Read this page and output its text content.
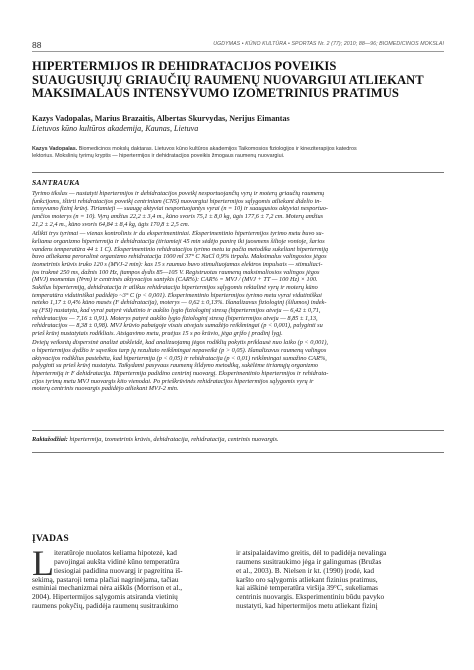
88	UGDYMAS • KŪNO KULTŪRA • SPORTAS Nr. 2 (77); 2010; 88—96; BIOMEDICINOS MOKSLAI
HIPERTERMIJOS IR DEHIDRATACIJOS POVEIKIS
SUAUGUSIŲJŲ GRIAUČIŲ RAUMENŲ NUOVARGIUI ATLIEKANT
MAKSIMALAUS INTENSYVUMO IZOMETRINIUS PRATIMUS
Kazys Vadopalas, Marius Brazaitis, Albertas Skurvydas, Nerijus Eimantas
Lietuvos kūno kultūros akademija, Kaunas, Lietuva
Kazys Vadopalas. Biomedicinos mokslų daktaras. Lietuvos kūno kultūros akademijos Taikomosios fiziologijos ir kineziterapijos katedros
lektorius. Mokslinių tyrimų kryptis — hipertermijos ir dehidratacijos poveikis žmogaus raumenų nuovargiui.
SANTRAUKA
Tyrimo tikslas — nustatyti hipertermijos ir dehidratacijos poveikį nesportuojančių vyrų ir moterų griaučių raumenų
funkcijoms, ištirti rehidratacijos poveikį centriniam (CNS) nuovargiui hipertermijos sąlygomis atliekant didelio in-
tensyvumo fizinį krūvį. Tiriamieji — suaugę aktyviai nesportuojantys vyrai (n = 10) ir suaugusios aktyviai nesportuo-
jančios moterys (n = 10). Vyrų amžius 22,2 ± 3,4 m., kūno svoris 75,1 ± 8,0 kg, ūgis 177,6 ± 7,2 cm. Moterų amžius
21,2 ± 2,4 m., kūno svoris 64,84 ± 8,4 kg, ūgis 170,8 ± 2,5 cm.
Atlikti trys tyrimai — vienas kontrolinis ir du eksperimentiniai. Eksperimentinio hipertermijos tyrimo metu buvo su-
keliama organizmo hipertermija ir dehidratacija (tiriamieji 45 min sėdėjo panirę iki juosmens šiltoje vonioje, šarios
vandens temperatūra 44 ± 1 C). Eksperimentinio rehidratacijos tyrimo metu ta pačia metodika sukeliant hipertermiją
buvo atliekama peroralinė organizmo rehidratacija 1000 ml 37° C NaCl 0,9% tirpalu. Maksimalus valingosios jėgos
izometrinis krūvis truko 120 s (MVJ-2 min): kas 15 s raumuo buvo stimuliuojamas elektros impulsais — stimuliaci-
jos trukmė 250 ms, dažnis 100 Hz, įtampos dydis 85—105 V. Registruotas raumenų maksimaliosios valingos jėgos
(MVJ) momentas (N•m) ir centrinės aktyvacijos santykis (CAR%): CAR% = MVJ / (MVJ + TT — 100 Hz) × 100.
Sukėlus hipertermiją, dehidratacija ir atlikus rehidratacija hipertermijos sąlygomis rektalinė vyrų ir moterų kūno
temperatūra vidutiniškai padidėjo ~3° C (p < 0,001). Eksperimentinio hipertermijos tyrimo metu vyrai vidutiniškai
neteko 1,17 ± 0,4% kūno masės (F dehidratacija), moterys — 0,62 ± 0,13%. Išanalizavus fiziologinį (šilumos) indek-
są (FSI) nustatyta, kad vyrai patyrė vidutinio ir aukšto lygio fiziologinį stresą (hipertermijos atveju — 6,42 ± 0,71,
rehidratacijos — 7,16 ± 0,91). Moterys patyrė aukšto lygio fiziologinį stresą (hipertermijos atveju — 8,85 ± 1,13,
rehidratacijos — 8,38 ± 0,98). MVJ krūvio pabaigoje visais atvejais sumažėjo reikšmingai (p < 0,001), palyginti su
prieš krūvį nustatytais rodikliais. Atsigavimo metu, praėjus 15 s po krūvio, jėga grįžo į pradinį lygį.
Dviejų veiksnių dispersinė analizė atskleidė, kad analizuojamų jėgos rodiklių pokytis priklausė nuo laiko (p < 0,001),
o hipertermijos dydžio ir sąveikos tarp jų rezultato reikšmingai nepaveikė (p > 0,05). Išanalizavus raumenų valingos
aktyvacijos rodiklius pastebėta, kad hipertermija (p < 0,05) ir rehidratacija (p < 0,01) reikšmingai sumažino CAR%,
palyginti su prieš krūvį nustatytu. Taikydami pasyvaus raumenų šildymo metodiką, sukėlėme tiriamųjų organizmo
hipertermiją ir F dehidratacija. Hipertermija padidino centrinį nuovargį. Eksperimentinio hipertermijos ir rehidrata-
cijos tyrimų metu MVJ nuovargis kito vienodai. Po prieškrūvinės rehidratacijos hipertermijos sąlygomis vyrų ir
moterų centrinis nuovargis padidėjo atliekant MVJ-2 min.
Raktažodžiai: hipertermija, izometrinis krūvis, dehidratacija, rehidratacija, centrinis nuovargis.
ĮVADAS
L iteratūroje nuolatos keliama hipotezė, kad
pavojingai aukšta vidinė kūno temperatūra
tiesiogiai padidina nuovargį ir pagreitina iš-
sekimą, pastaroji tema plačiai nagrinėjama, tačiau
esminiai mechanizmai nėra aiškūs (Morrison et al.,
2004). Hipertermijos sąlygomis atsiranda vietinių
raumens pokyčių, padidėja raumenų susitraukimo
ir atsipalaidavimo greitis, dėl to padidėja nevalinga
raumens susitraukimo jėga ir galingumas (Bružas
et al., 2003). B. Nielsen ir kt. (1990) įrodė, kad
karšto oro sąlygomis atliekant fizinius pratimus,
kai aiškinė temperatūra viršija 39°C, sukeliamas
centrinis nuovargis. Eksperimentiniu būdu pavyko
nustatyti, kad hipertermijos metu atliekant fizinį
